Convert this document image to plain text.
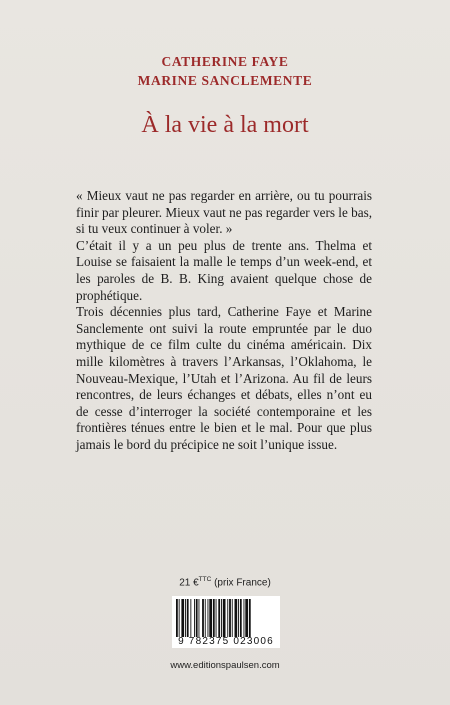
CATHERINE FAYE
MARINE SANCLEMENTE
À la vie à la mort

« Mieux vaut ne pas regarder en arrière, ou tu pourrais finir par pleurer. Mieux vaut ne pas regarder vers le bas, si tu veux continuer à voler. »

C’était il y a un peu plus de trente ans. Thelma et Louise se faisaient la malle le temps d’un week-end, et les paroles de B. B. King avaient quelque chose de prophétique.

Trois décennies plus tard, Catherine Faye et Marine Sanclemente ont suivi la route empruntée par le duo mythique de ce film culte du cinéma américain. Dix mille kilomètres à travers l’Arkansas, l’Oklahoma, le Nouveau-Mexique, l’Utah et l’Arizona. Au fil de leurs rencontres, de leurs échanges et débats, elles n’ont eu de cesse d’interroger la société contemporaine et les frontières ténues entre le bien et le mal. Pour que plus jamais le bord du précipice ne soit l’unique issue.

21 €$^{TTC}$ (prix France)
9 782375 023006
www.editionspaulsen.com
